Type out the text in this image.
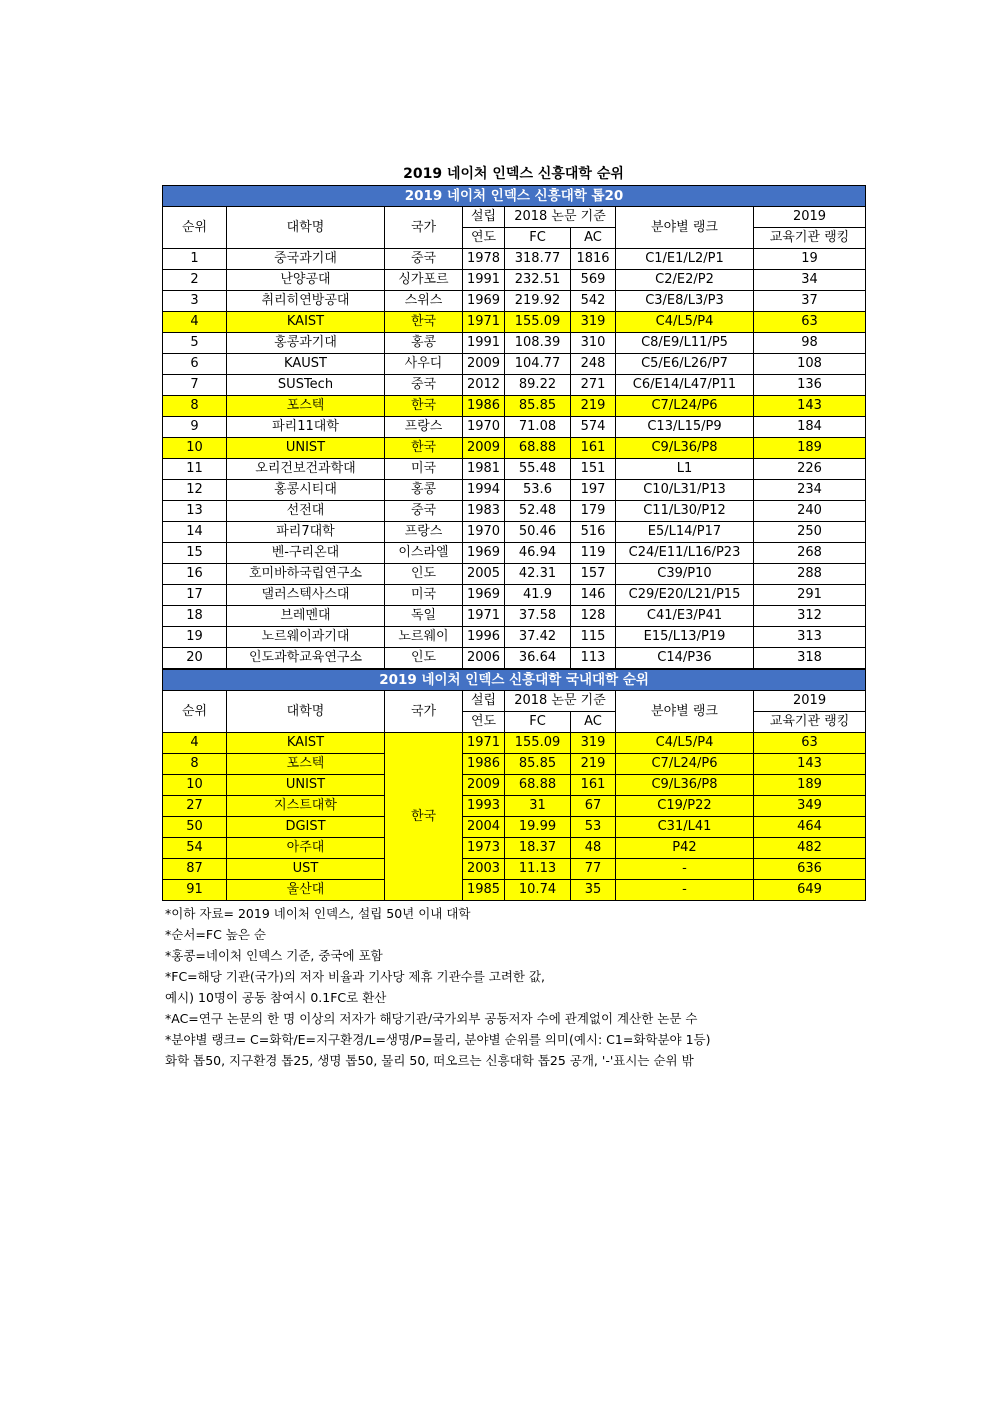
2019 네이처 인덱스 신흥대학 순위
2019 네이처 인덱스 신흥대학 톱20							
순위	대학명	국가	설립	2018 논문 기준		분야별 랭크	2019
			연도	FC	AC		교육기관 랭킹
1	중국과기대	중국	1978	318.77	1816	C1/E1/L2/P1	19
2	난양공대	싱가포르	1991	232.51	569	C2/E2/P2	34
3	취리히연방공대	스위스	1969	219.92	542	C3/E8/L3/P3	37
4	KAIST	한국	1971	155.09	319	C4/L5/P4	63
5	홍콩과기대	홍콩	1991	108.39	310	C8/E9/L11/P5	98
6	KAUST	사우디	2009	104.77	248	C5/E6/L26/P7	108
7	SUSTech	중국	2012	89.22	271	C6/E14/L47/P11	136
8	포스텍	한국	1986	85.85	219	C7/L24/P6	143
9	파리11대학	프랑스	1970	71.08	574	C13/L15/P9	184
10	UNIST	한국	2009	68.88	161	C9/L36/P8	189
11	오리건보건과학대	미국	1981	55.48	151	L1	226
12	홍콩시티대	홍콩	1994	53.6	197	C10/L31/P13	234
13	선전대	중국	1983	52.48	179	C11/L30/P12	240
14	파리7대학	프랑스	1970	50.46	516	E5/L14/P17	250
15	벤-구리온대	이스라엘	1969	46.94	119	C24/E11/L16/P23	268
16	호미바하국립연구소	인도	2005	42.31	157	C39/P10	288
17	댈러스텍사스대	미국	1969	41.9	146	C29/E20/L21/P15	291
18	브레멘대	독일	1971	37.58	128	C41/E3/P41	312
19	노르웨이과기대	노르웨이	1996	37.42	115	E15/L13/P19	313
20	인도과학교육연구소	인도	2006	36.64	113	C14/P36	318
2019 네이처 인덱스 신흥대학 국내대학 순위							
순위	대학명	국가	설립	2018 논문 기준		분야별 랭크	2019
			연도	FC	AC		교육기관 랭킹
4	KAIST	한국	1971	155.09	319	C4/L5/P4	63
8	포스텍		1986	85.85	219	C7/L24/P6	143
10	UNIST		2009	68.88	161	C9/L36/P8	189
27	지스트대학		1993	31	67	C19/P22	349
50	DGIST		2004	19.99	53	C31/L41	464
54	아주대		1973	18.37	48	P42	482
87	UST		2003	11.13	77	-	636
91	울산대		1985	10.74	35	-	649
*이하 자료= 2019 네이처 인덱스, 설립 50년 이내 대학
*순서=FC 높은 순
*홍콩=네이처 인덱스 기준, 중국에 포함
*FC=해당 기관(국가)의 저자 비율과 기사당 제휴 기관수를 고려한 값,
예시) 10명이 공동 참여시 0.1FC로 환산
*AC=연구 논문의 한 명 이상의 저자가 해당기관/국가외부 공동저자 수에 관계없이 계산한 논문 수
*분야별 랭크= C=화학/E=지구환경/L=생명/P=물리, 분야별 순위를 의미(예시: C1=화학분야 1등)
화학 톱50, 지구환경 톱25, 생명 톱50, 물리 50, 떠오르는 신흥대학 톱25 공개, '-'표시는 순위 밖
